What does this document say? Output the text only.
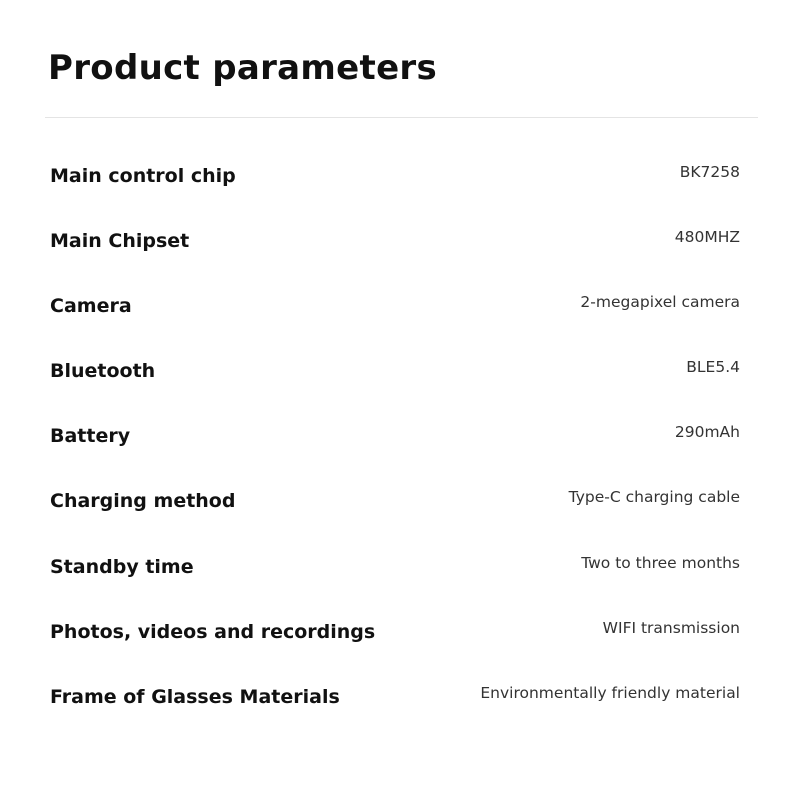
Product parameters
Main control chip	BK7258
Main Chipset	480MHZ
Camera	2-megapixel camera
Bluetooth	BLE5.4
Battery	290mAh
Charging method	Type-C charging cable
Standby time	Two to three months
Photos, videos and recordings	WIFI transmission
Frame of Glasses Materials	Environmentally friendly material
